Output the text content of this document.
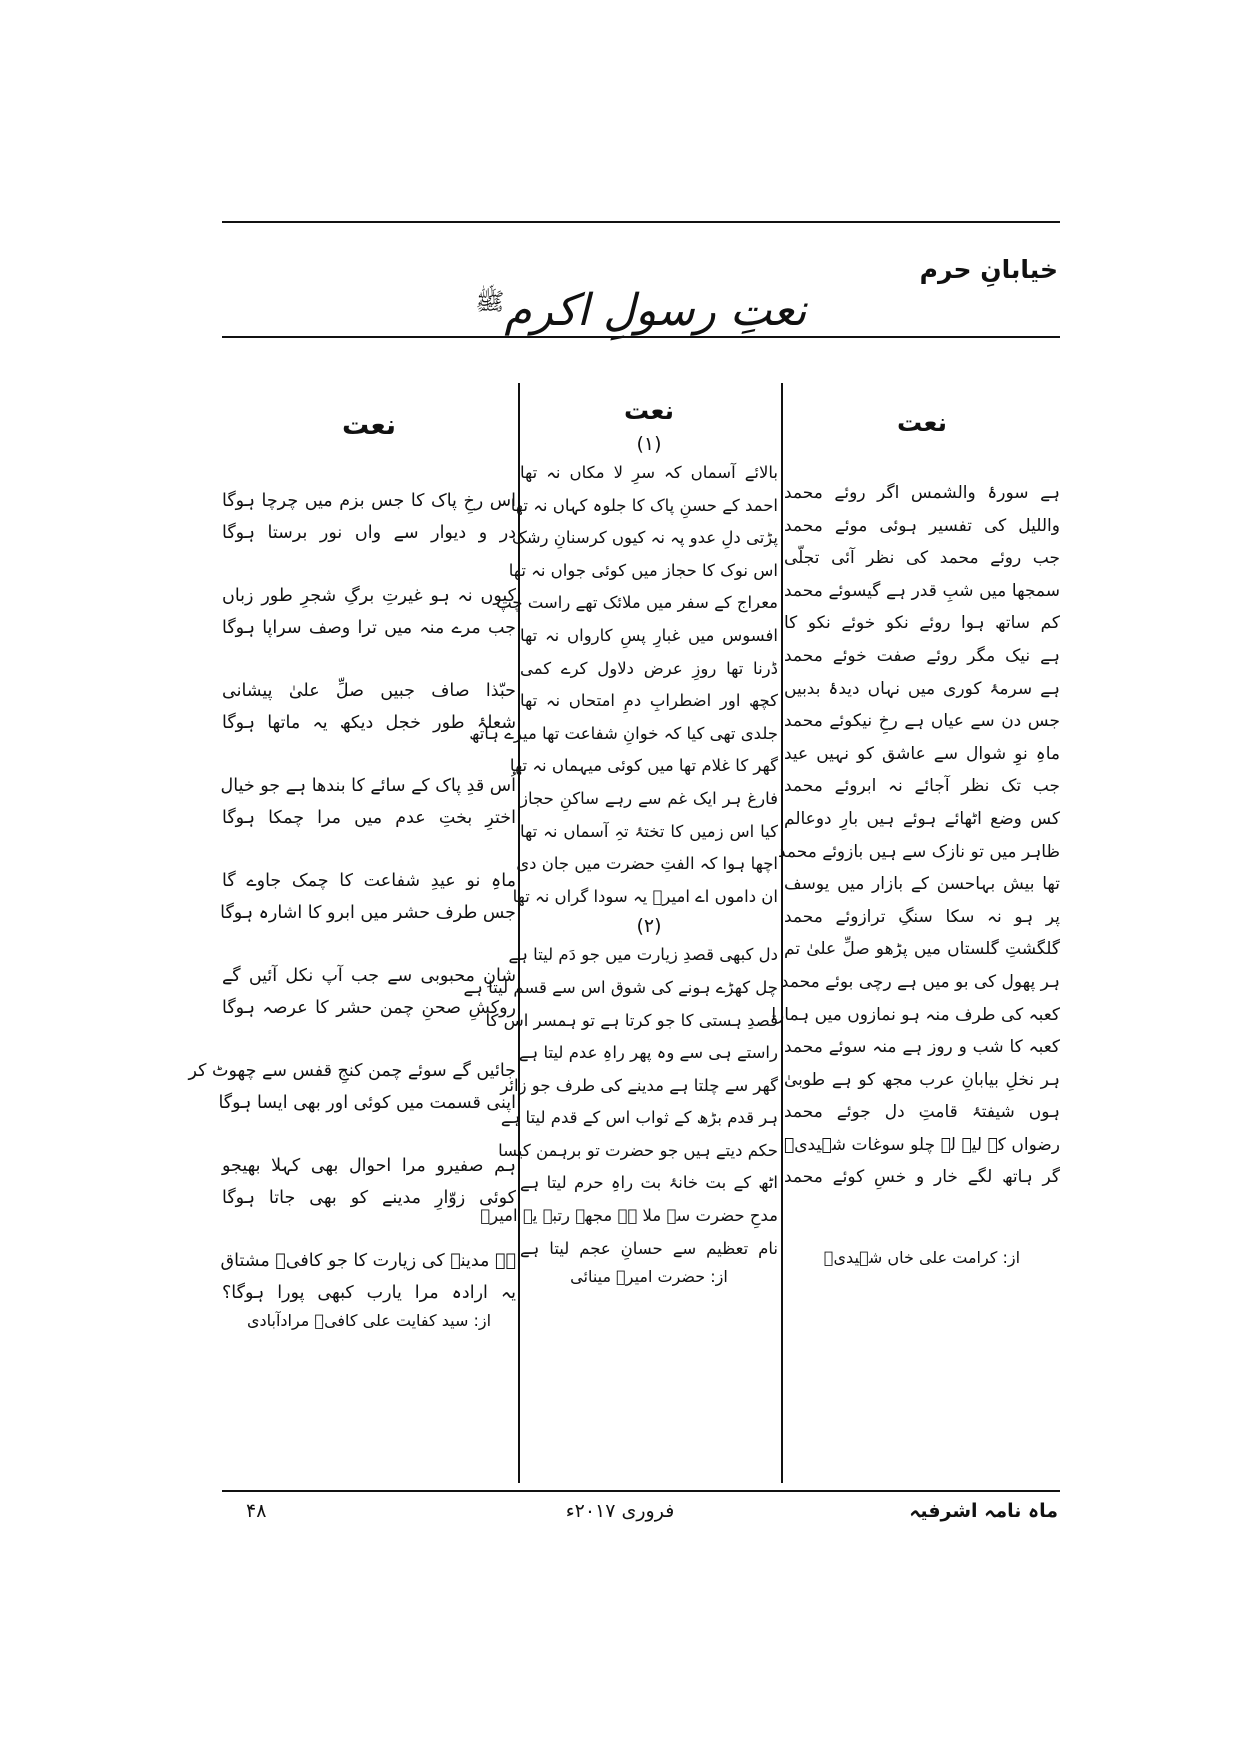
خیابانِ حرم
نعتِ رسولِ اکرم$^ﷺ$
نعت
ہے سورۂ والشمس اگر روئے محمد
واللیل کی تفسیر ہوئی موئے محمد
جب روئے محمد کی نظر آئی تجلّی
سمجھا میں شبِ قدر ہے گیسوئے محمد
کم ساتھ ہوا روئے نکو خوئے نکو کا
ہے نیک مگر روئے صفت خوئے محمد
ہے سرمۂ کوری میں نہاں دیدۂ بدبیں
جس دن سے عیاں ہے رخِ نیکوئے محمد
ماہِ نوِ شوال سے عاشق کو نہیں عید
جب تک نظر آجائے نہ ابروئے محمد
کس وضع اٹھائے ہوئے ہیں بارِ دوعالم
ظاہر میں تو نازک سے ہیں بازوئے محمد
تھا بیش بہاحسن کے بازار میں یوسف
پر ہو نہ سکا سنگِ ترازوئے محمد
گلگشتِ گلستاں میں پڑھو صلِّ علیٰ تم
ہر پھول کی بو میں ہے رچی بوئے محمد
کعبہ کی طرف منہ ہو نمازوں میں ہمارا
کعبہ کا شب و روز ہے منہ سوئے محمد
ہر نخلِ بیابانِ عرب مجھ کو ہے طوبیٰ
ہوں شیفتۂ قامتِ دل جوئے محمد
رضواں کے لیے لے چلو سوغات شہیدیؔ
گر ہاتھ لگے خار و خسِ کوئے محمد
از: کرامت علی خاں شہیدیؔ
نعت
(۱)
بالائے آسماں کہ سرِ لا مکاں نہ تھا
احمد کے حسنِ پاک کا جلوہ کہاں نہ تھا
پڑتی دلِ عدو پہ نہ کیوں کرسنانِ رشک
اس نوک کا حجاز میں کوئی جواں نہ تھا
معراج کے سفر میں ملائک تھے راست چپ
افسوس میں غبارِ پسِ کارواں نہ تھا
ڈرنا تھا روزِ عرض دلاول کرے کمی
کچھ اور اضطرابِ دمِ امتحاں نہ تھا
جلدی تھی کیا کہ خوانِ شفاعت تھا میرے ہاتھ
گھر کا غلام تھا میں کوئی میہماں نہ تھا
فارغ ہر ایک غم سے رہے ساکنِ حجاز
کیا اس زمیں کا تختۂ تہِ آسماں نہ تھا
اچھا ہوا کہ الفتِ حضرت میں جان دی
ان داموں اے امیرؔ یہ سودا گراں نہ تھا
(۲)
دل کبھی قصدِ زیارت میں جو دَم لیتا ہے
چل کھڑے ہونے کی شوق اس سے قسم لیتا ہے
قصدِ ہستی کا جو کرتا ہے تو ہمسر اس کا
راستے ہی سے وہ پھر راہِ عدم لیتا ہے
گھر سے چلتا ہے مدینے کی طرف جو زائر
ہر قدم بڑھ کے ثواب اس کے قدم لیتا ہے
حکم دیتے ہیں جو حضرت تو برہمن کیسا
اٹھ کے بت خانۂ بت راہِ حرم لیتا ہے
مدحِ حضرت سے ملا ہے مجھے رتبہ یہ امیرؔ
نام تعظیم سے حسانِ عجم لیتا ہے
از: حضرت امیرؔ مینائی
نعت
اس رخِ پاک کا جس بزم میں چرچا ہوگا
در و دیوار سے واں نور برستا ہوگا
کیوں نہ ہو غیرتِ برگِ شجرِ طور زباں
جب مرے منہ میں ترا وصف سراپا ہوگا
حبّذا صاف جبیں صلِّ علیٰ پیشانی
شعلۂ طور خجل دیکھ یہ ماتھا ہوگا
اُس قدِ پاک کے سائے کا بندھا ہے جو خیال
اخترِ بختِ عدم میں مرا چمکا ہوگا
ماہِ نو عیدِ شفاعت کا چمک جاوے گا
جس طرف حشر میں ابرو کا اشارہ ہوگا
شانِ محبوبی سے جب آپ نکل آئیں گے
روکشِ صحنِ چمن حشر کا عرصہ ہوگا
جائیں گے سوئے چمن کنجِ قفس سے چھوٹ کر
اپنی قسمت میں کوئی اور بھی ایسا ہوگا
ہم صفیرو مرا احوال بھی کہلا بھیجو
کوئی زوّارِ مدینے کو بھی جاتا ہوگا
ہے مدینے کی زیارت کا جو کافیؔ مشتاق
یہ ارادہ مرا یارب کبھی پورا ہوگا؟
از: سید کفایت علی کافیؔ مرادآبادی
ماہ نامہ اشرفیہ
فروری ۲۰۱۷ء
۴۸
